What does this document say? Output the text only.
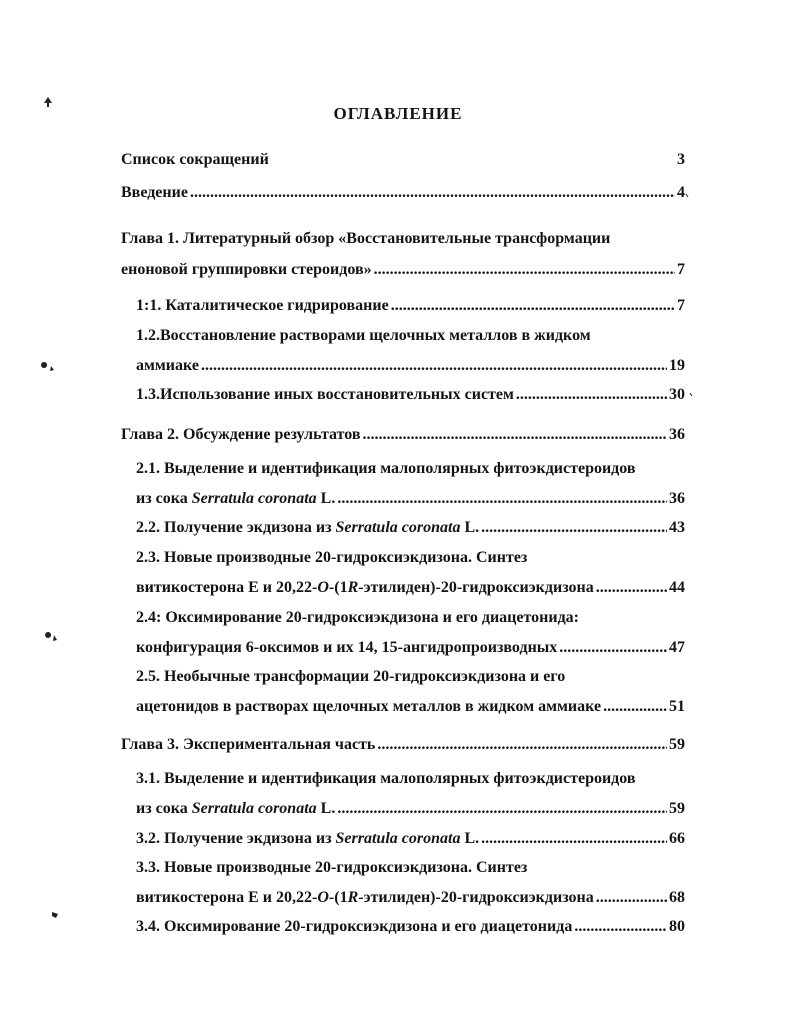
ОГЛАВЛЕНИЕ
Список сокращений	3
Введение .....	4
Глава 1. Литературный обзор «Восстановительные трансформации
еноновой группировки стероидов» .....	7
1:1. Каталитическое гидрирование .....	7
1.2.Восстановление растворами щелочных металлов в жидком
аммиаке .....	19
1.3.Использование иных восстановительных систем .....	30
Глава 2. Обсуждение результатов .....	36
2.1. Выделение и идентификация малополярных фитоэкдистероидов
из сока Serratula coronata L. .....	36
2.2. Получение экдизона из Serratula coronata L. .....	43
2.3. Новые производные 20-гидроксиэкдизона. Синтез
витикостерона Е и 20,22-O-(1R-этилиден)-20-гидроксиэкдизона .....	44
2.4: Оксимирование 20-гидроксиэкдизона и его диацетонида:
конфигурация 6-оксимов и их 14, 15-ангидропроизводных .....	47
2.5. Необычные трансформации 20-гидроксиэкдизона и его
ацетонидов в растворах щелочных металлов в жидком аммиаке .....	51
Глава 3. Экспериментальная часть .....	59
3.1. Выделение и идентификация малополярных фитоэкдистероидов
из сока Serratula coronata L. .....	59
3.2. Получение экдизона из Serratula coronata L. .....	66
3.3. Новые производные 20-гидроксиэкдизона. Синтез
витикостерона Е и 20,22-O-(1R-этилиден)-20-гидроксиэкдизона .....	68
3.4. Оксимирование 20-гидроксиэкдизона и его диацетонида .....	80
